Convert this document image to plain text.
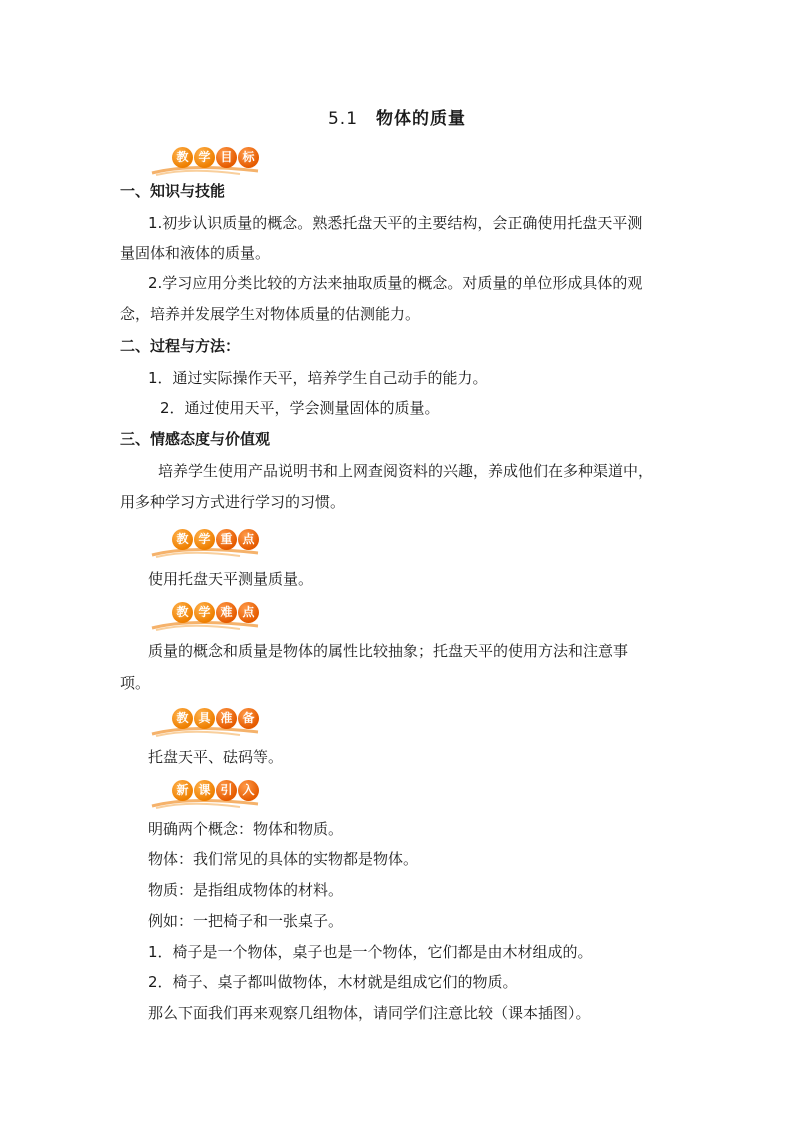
5.1 物体的质量
教 学 目 标
一、知识与技能
1.初步认识质量的概念。熟悉托盘天平的主要结构，会正确使用托盘天平测
量固体和液体的质量。
2.学习应用分类比较的方法来抽取质量的概念。对质量的单位形成具体的观
念，培养并发展学生对物体质量的估测能力。
二、过程与方法：
1．通过实际操作天平，培养学生自己动手的能力。
2．通过使用天平，学会测量固体的质量。
三、情感态度与价值观
培养学生使用产品说明书和上网查阅资料的兴趣，养成他们在多种渠道中，
用多种学习方式进行学习的习惯。
教 学 重 点
使用托盘天平测量质量。
教 学 难 点
质量的概念和质量是物体的属性比较抽象；托盘天平的使用方法和注意事
项。
教 具 准 备
托盘天平、砝码等。
新 课 引 入
明确两个概念：物体和物质。
物体：我们常见的具体的实物都是物体。
物质：是指组成物体的材料。
例如：一把椅子和一张桌子。
1．椅子是一个物体，桌子也是一个物体，它们都是由木材组成的。
2．椅子、桌子都叫做物体，木材就是组成它们的物质。
那么下面我们再来观察几组物体，请同学们注意比较（课本插图）。
